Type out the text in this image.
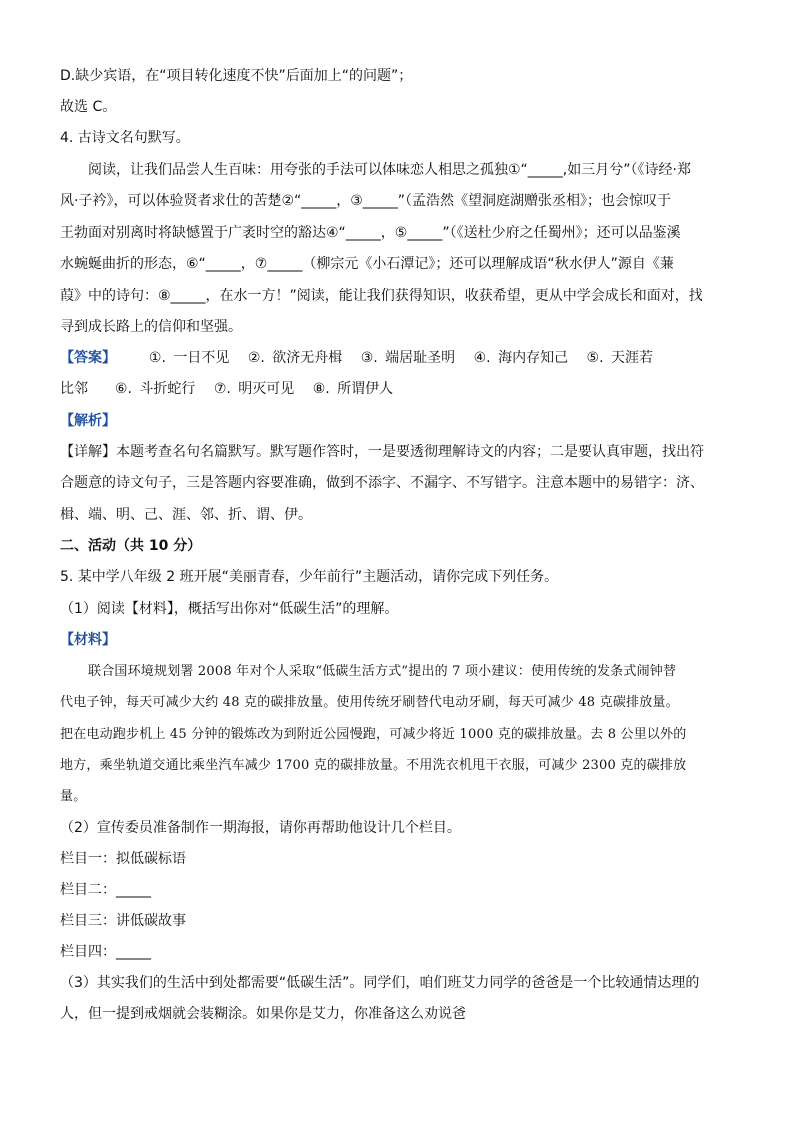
D.缺少宾语，在“项目转化速度不快”后面加上“的问题”；
故选 C。
4. 古诗文名句默写。
阅读，让我们品尝人生百味：用夸张的手法可以体味恋人相思之孤独①“_____,如三月兮”（《诗经·郑
风·子衿》，可以体验贤者求仕的苦楚②“_____，③_____”（孟浩然《望洞庭湖赠张丞相》；也会惊叹于
王勃面对别离时将缺憾置于广袤时空的豁达④“_____，⑤_____”（《送杜少府之任蜀州》；还可以品鉴溪
水蜿蜒曲折的形态，⑥“_____，⑦_____（柳宗元《小石潭记》；还可以理解成语“秋水伊人”源自《蒹
葭》中的诗句：⑧_____，在水一方！”阅读，能让我们获得知识，收获希望，更从中学会成长和面对，找
寻到成长路上的信仰和坚强。
【答案】 ①. 一日不见 ②. 欲济无舟楫 ③. 端居耻圣明 ④. 海内存知己 ⑤. 天涯若
比邻 ⑥. 斗折蛇行 ⑦. 明灭可见 ⑧. 所谓伊人
【解析】
【详解】本题考查名句名篇默写。默写题作答时，一是要透彻理解诗文的内容；二是要认真审题，找出符
合题意的诗文句子，三是答题内容要准确，做到不添字、不漏字、不写错字。注意本题中的易错字：济、
楫、端、明、己、涯、邻、折、谓、伊。
二、活动（共 10 分）
5. 某中学八年级 2 班开展“美丽青春，少年前行”主题活动，请你完成下列任务。
（1）阅读【材料】，概括写出你对“低碳生活”的理解。
【材料】
联合国环境规划署 2008 年对个人采取“低碳生活方式”提出的 7 项小建议：使用传统的发条式闹钟替
代电子钟，每天可减少大约 48 克的碳排放量。使用传统牙刷替代电动牙刷，每天可减少 48 克碳排放量。
把在电动跑步机上 45 分钟的锻炼改为到附近公园慢跑，可减少将近 1000 克的碳排放量。去 8 公里以外的
地方，乘坐轨道交通比乘坐汽车减少 1700 克的碳排放量。不用洗衣机甩干衣服，可减少 2300 克的碳排放
量。
（2）宣传委员准备制作一期海报，请你再帮助他设计几个栏目。
栏目一：拟低碳标语
栏目二：_____
栏目三：讲低碳故事
栏目四：_____
（3）其实我们的生活中到处都需要“低碳生活”。同学们，咱们班艾力同学的爸爸是一个比较通情达理的
人，但一提到戒烟就会装糊涂。如果你是艾力，你准备这么劝说爸
